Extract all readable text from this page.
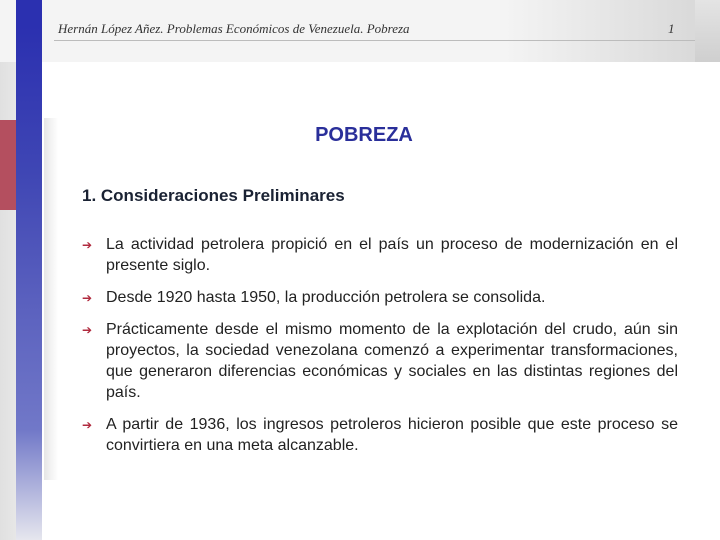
Hernán López Añez. Problemas Económicos de Venezuela. Pobreza	1
POBREZA
1. Consideraciones Preliminares
➔ La actividad petrolera propició en el país un proceso de modernización en el presente siglo.
➔ Desde 1920 hasta 1950, la producción petrolera se consolida.
➔ Prácticamente desde el mismo momento de la explotación del crudo, aún sin proyectos, la sociedad venezolana comenzó a experimentar transformaciones, que generaron diferencias económicas y sociales en las distintas regiones del país.
➔ A partir de 1936, los ingresos petroleros hicieron posible que este proceso se convirtiera en una meta alcanzable.
